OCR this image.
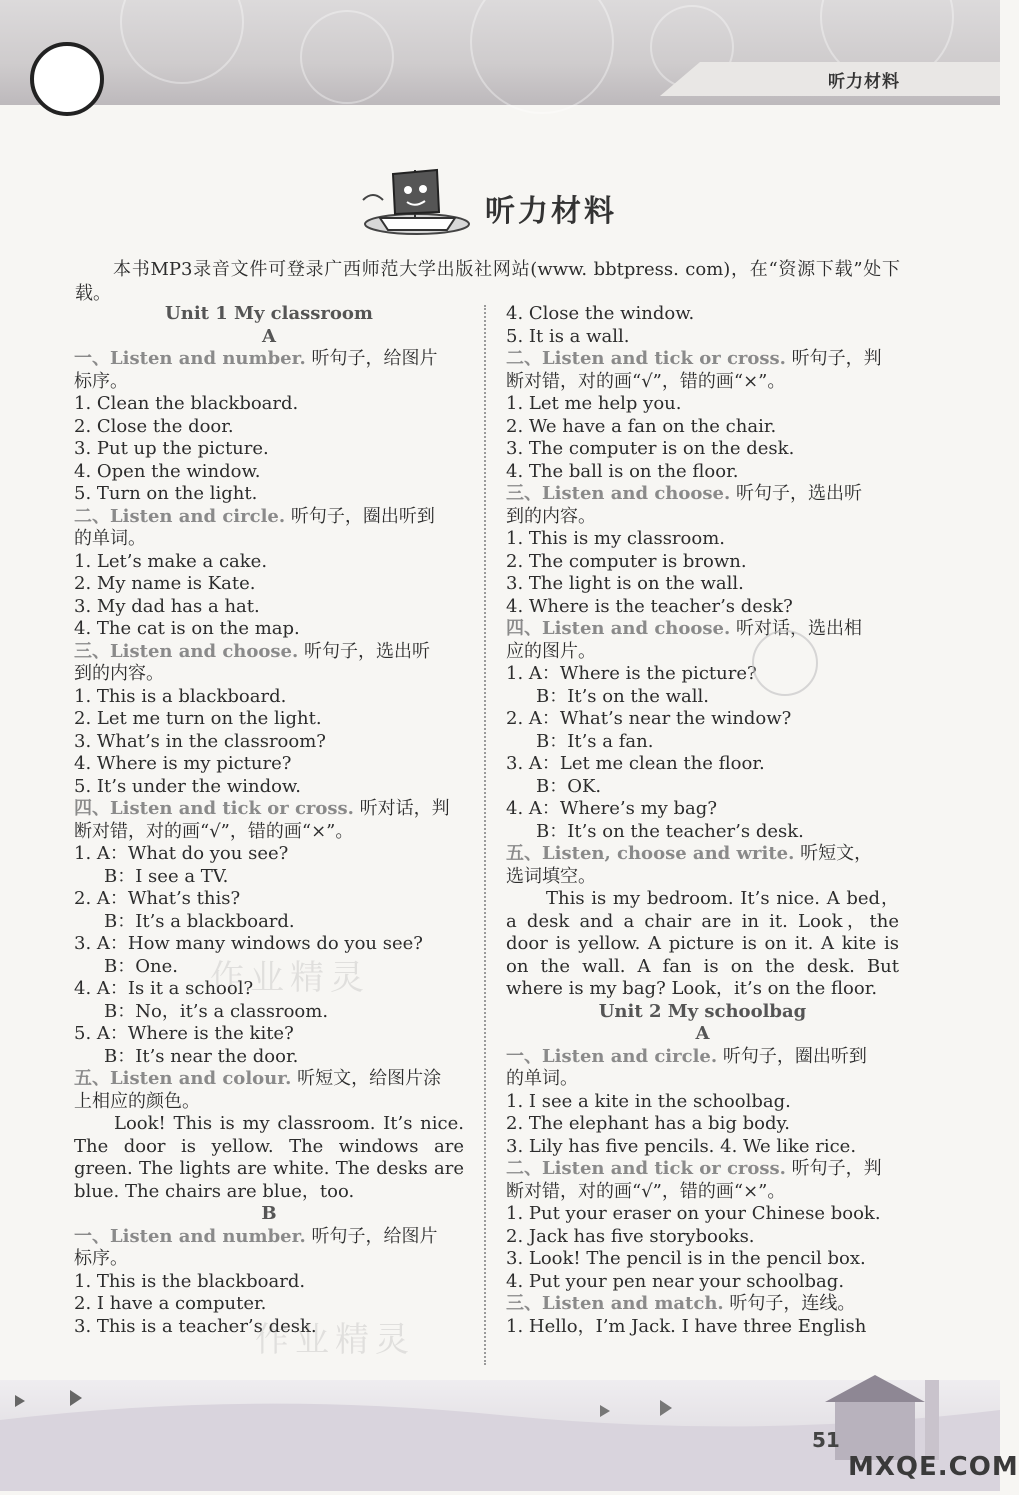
听力材料
听力材料
本书MP3录音文件可登录广西师范大学出版社网站(www. bbtpress. com)，在“资源下载”处下载。
Unit 1 My classroom
A
一、Listen and number. 听句子，给图片
标序。
1. Clean the blackboard.
2. Close the door.
3. Put up the picture.
4. Open the window.
5. Turn on the light.
二、Listen and circle. 听句子，圈出听到
的单词。
1. Let’s make a cake.
2. My name is Kate.
3. My dad has a hat.
4. The cat is on the map.
三、Listen and choose. 听句子，选出听
到的内容。
1. This is a blackboard.
2. Let me turn on the light.
3. What’s in the classroom?
4. Where is my picture?
5. It’s under the window.
四、Listen and tick or cross. 听对话，判
断对错，对的画“√”，错的画“×”。
1. A：What do you see?
B：I see a TV.
2. A：What’s this?
B：It’s a blackboard.
3. A：How many windows do you see?
B：One.
4. A：Is it a school?
B：No，it’s a classroom.
5. A：Where is the kite?
B：It’s near the door.
五、Listen and colour. 听短文，给图片涂
上相应的颜色。
Look! This is my classroom. It’s nice. The door is yellow. The windows are green. The lights are white. The desks are blue. The chairs are blue，too.
B
一、Listen and number. 听句子，给图片
标序。
1. This is the blackboard.
2. I have a computer.
3. This is a teacher’s desk.
4. Close the window.
5. It is a wall.
二、Listen and tick or cross. 听句子，判
断对错，对的画“√”，错的画“×”。
1. Let me help you.
2. We have a fan on the chair.
3. The computer is on the desk.
4. The ball is on the floor.
三、Listen and choose. 听句子，选出听
到的内容。
1. This is my classroom.
2. The computer is brown.
3. The light is on the wall.
4. Where is the teacher’s desk?
四、Listen and choose. 听对话，选出相
应的图片。
1. A：Where is the picture?
B：It’s on the wall.
2. A：What’s near the window?
B：It’s a fan.
3. A：Let me clean the floor.
B：OK.
4. A：Where’s my bag?
B：It’s on the teacher’s desk.
五、Listen, choose and write. 听短文，
选词填空。
This is my bedroom. It’s nice. A bed，a desk and a chair are in it. Look，the door is yellow. A picture is on it. A kite is on the wall. A fan is on the desk. But where is my bag? Look，it’s on the floor.
Unit 2 My schoolbag
A
一、Listen and circle. 听句子，圈出听到
的单词。
1. I see a kite in the schoolbag.
2. The elephant has a big body.
3. Lily has five pencils. 4. We like rice.
二、Listen and tick or cross. 听句子，判
断对错，对的画“√”，错的画“×”。
1. Put your eraser on your Chinese book.
2. Jack has five storybooks.
3. Look! The pencil is in the pencil box.
4. Put your pen near your schoolbag.
三、Listen and match. 听句子，连线。
1. Hello，I’m Jack. I have three English
作业精灵
作业精灵
51
MXQE.COM
